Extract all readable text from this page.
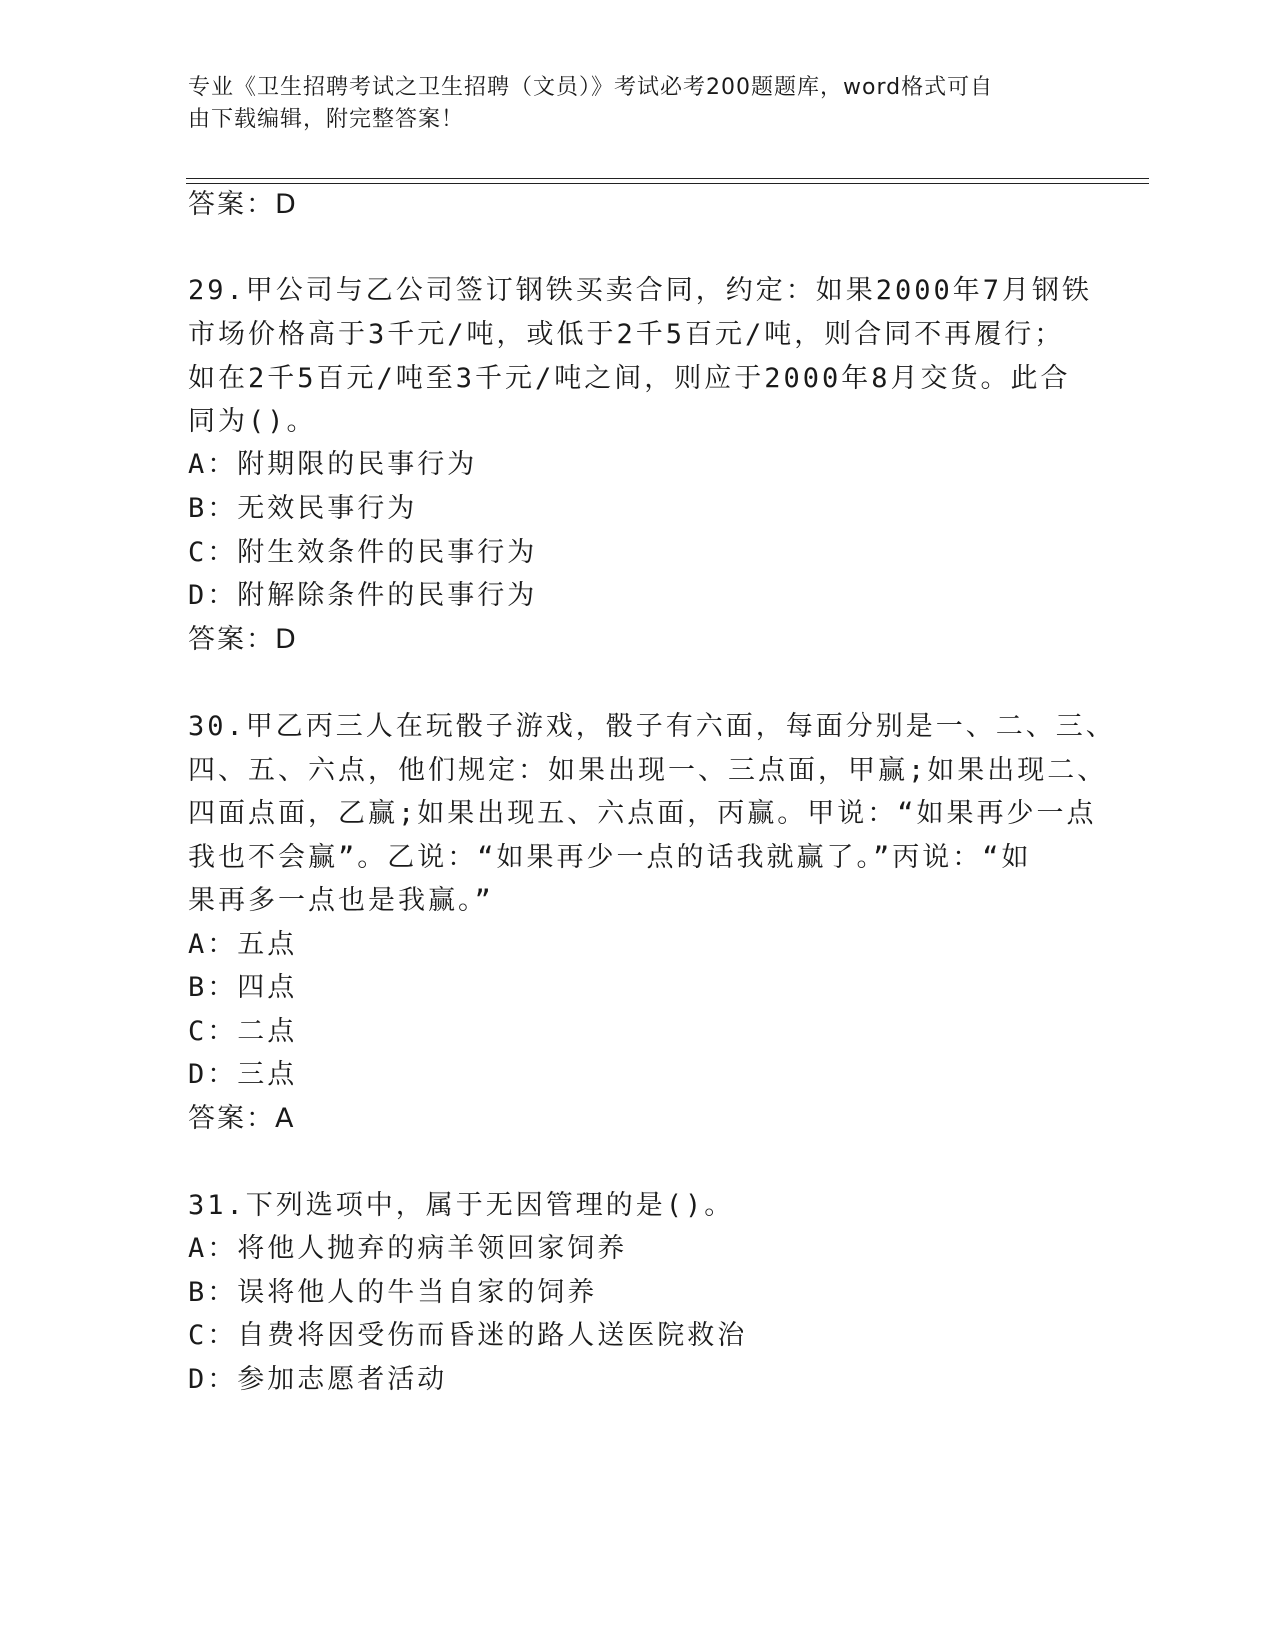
专业《卫生招聘考试之卫生招聘（文员）》考试必考200题题库，word格式可自
由下载编辑，附完整答案！
答案：D
29.甲公司与乙公司签订钢铁买卖合同，约定：如果2000年7月钢铁
市场价格高于3千元/吨，或低于2千5百元/吨，则合同不再履行；
如在2千5百元/吨至3千元/吨之间，则应于2000年8月交货。此合
同为()。
A：附期限的民事行为
B：无效民事行为
C：附生效条件的民事行为
D：附解除条件的民事行为
答案：D
30.甲乙丙三人在玩骰子游戏，骰子有六面，每面分别是一、二、三、
四、五、六点，他们规定：如果出现一、三点面，甲赢;如果出现二、
四面点面，乙赢;如果出现五、六点面，丙赢。甲说：“如果再少一点
我也不会赢”。乙说：“如果再少一点的话我就赢了。”丙说：“如
果再多一点也是我赢。”
A：五点
B：四点
C：二点
D：三点
答案：A
31.下列选项中，属于无因管理的是()。
A：将他人抛弃的病羊领回家饲养
B：误将他人的牛当自家的饲养
C：自费将因受伤而昏迷的路人送医院救治
D：参加志愿者活动
